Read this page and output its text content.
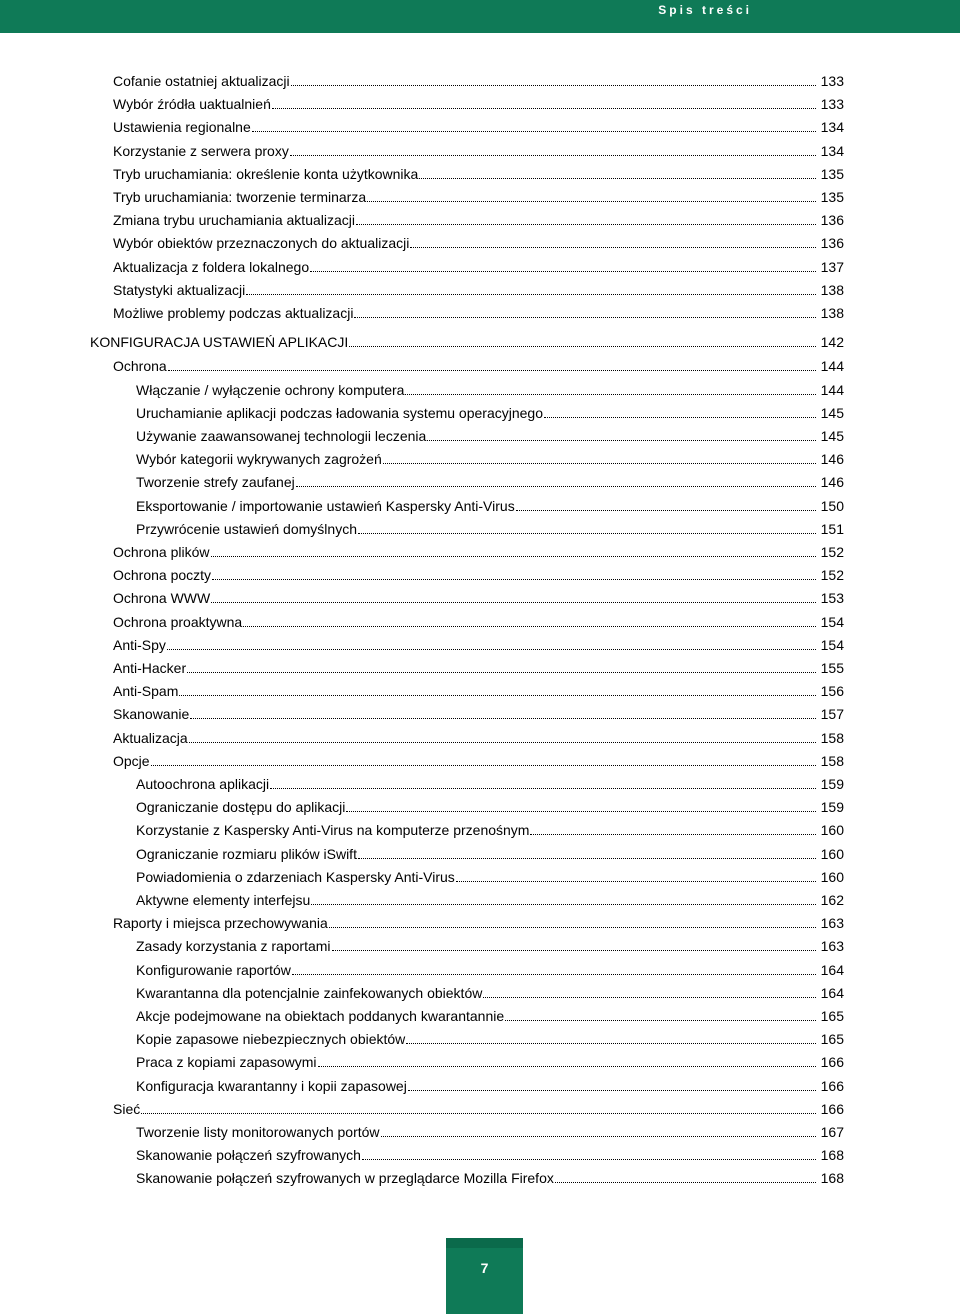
Spis treści
Cofanie ostatniej aktualizacji	133
Wybór źródła uaktualnień	133
Ustawienia regionalne	134
Korzystanie z serwera proxy	134
Tryb uruchamiania: określenie konta użytkownika	135
Tryb uruchamiania: tworzenie terminarza	135
Zmiana trybu uruchamiania aktualizacji	136
Wybór obiektów przeznaczonych do aktualizacji	136
Aktualizacja z foldera lokalnego	137
Statystyki aktualizacji	138
Możliwe problemy podczas aktualizacji	138
KONFIGURACJA USTAWIEŃ APLIKACJI	142
Ochrona	144
Włączanie / wyłączenie ochrony komputera	144
Uruchamianie aplikacji podczas ładowania systemu operacyjnego	145
Używanie zaawansowanej technologii leczenia	145
Wybór kategorii wykrywanych zagrożeń	146
Tworzenie strefy zaufanej	146
Eksportowanie / importowanie ustawień Kaspersky Anti-Virus	150
Przywrócenie ustawień domyślnych	151
Ochrona plików	152
Ochrona poczty	152
Ochrona WWW	153
Ochrona proaktywna	154
Anti-Spy	154
Anti-Hacker	155
Anti-Spam	156
Skanowanie	157
Aktualizacja	158
Opcje	158
Autoochrona aplikacji	159
Ograniczanie dostępu do aplikacji	159
Korzystanie z Kaspersky Anti-Virus na komputerze przenośnym	160
Ograniczanie rozmiaru plików iSwift	160
Powiadomienia o zdarzeniach Kaspersky Anti-Virus	160
Aktywne elementy interfejsu	162
Raporty i miejsca przechowywania	163
Zasady korzystania z raportami	163
Konfigurowanie raportów	164
Kwarantanna dla potencjalnie zainfekowanych obiektów	164
Akcje podejmowane na obiektach poddanych kwarantannie	165
Kopie zapasowe niebezpiecznych obiektów	165
Praca z kopiami zapasowymi	166
Konfiguracja kwarantanny i kopii zapasowej	166
Sieć	166
Tworzenie listy monitorowanych portów	167
Skanowanie połączeń szyfrowanych	168
Skanowanie połączeń szyfrowanych w przeglądarce Mozilla Firefox	168
7
